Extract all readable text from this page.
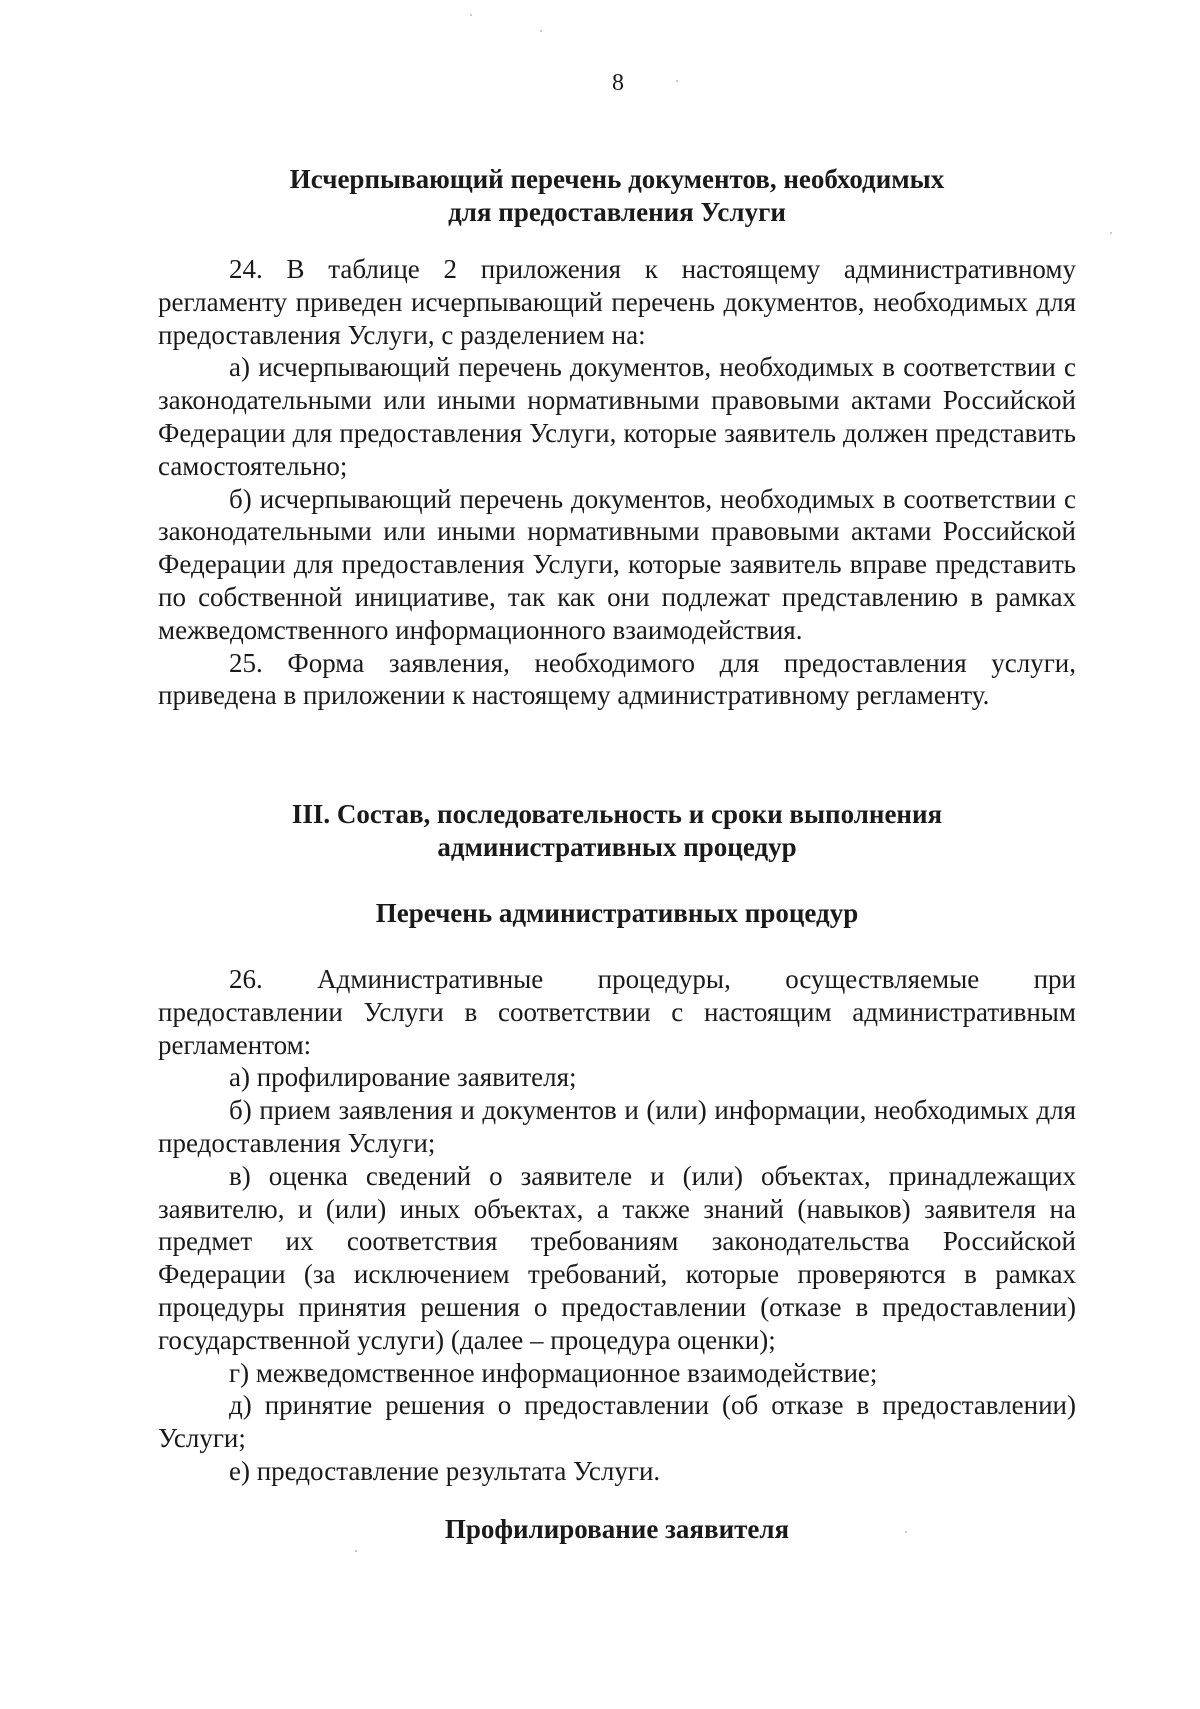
8
Исчерпывающий перечень документов, необходимых
для предоставления Услуги

24. В таблице 2 приложения к настоящему административному регламенту приведен исчерпывающий перечень документов, необходимых для предоставления Услуги, с разделением на:

а) исчерпывающий перечень документов, необходимых в соответствии с законодательными или иными нормативными правовыми актами Российской Федерации для предоставления Услуги, которые заявитель должен представить самостоятельно;

б) исчерпывающий перечень документов, необходимых в соответствии с законодательными или иными нормативными правовыми актами Российской Федерации для предоставления Услуги, которые заявитель вправе представить по собственной инициативе, так как они подлежат представлению в рамках межведомственного информационного взаимодействия.

25. Форма заявления, необходимого для предоставления услуги, приведена в приложении к настоящему административному регламенту.

III. Состав, последовательность и сроки выполнения
административных процедур
Перечень административных процедур

26. Административные процедуры, осуществляемые при предоставлении Услуги в соответствии с настоящим административным регламентом:

а) профилирование заявителя;

б) прием заявления и документов и (или) информации, необходимых для предоставления Услуги;

в) оценка сведений о заявителе и (или) объектах, принадлежащих заявителю, и (или) иных объектах, а также знаний (навыков) заявителя на предмет их соответствия требованиям законодательства Российской Федерации (за исключением требований, которые проверяются в рамках процедуры принятия решения о предоставлении (отказе в предоставлении) государственной услуги) (далее – процедура оценки);

г) межведомственное информационное взаимодействие;

д) принятие решения о предоставлении (об отказе в предоставлении) Услуги;

е) предоставление результата Услуги.

Профилирование заявителя
